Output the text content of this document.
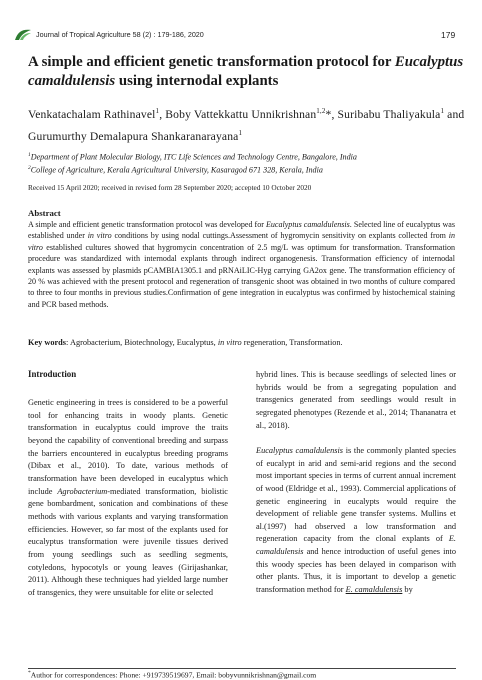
Journal of Tropical Agriculture 58 (2) : 179-186, 2020	179
A simple and efficient genetic transformation protocol for Eucalyptus camaldulensis using internodal explants
Venkatachalam Rathinavel$^1$, Boby Vattekkattu Unnikrishnan$^{1,2}$*, Suribabu Thaliyakula$^1$ and Gurumurthy Demalapura Shankaranarayana$^1$
$^1$Department of Plant Molecular Biology, ITC Life Sciences and Technology Centre, Bangalore, India
$^2$College of Agriculture, Kerala Agricultural University, Kasaragod 671 328, Kerala, India
Received 15 April 2020; received in revised form 28 September 2020; accepted 10 October 2020
Abstract
A simple and efficient genetic transformation protocol was developed for Eucalyptus camaldulensis. Selected line of eucalyptus was established under in vitro conditions by using nodal cuttings.Assessment of hygromycin sensitivity on explants collected from in vitro established cultures showed that hygromycin concentration of 2.5 mg/L was optimum for transformation. Transformation procedure was standardized with internodal explants through indirect organogenesis. Transformation efficiency of internodal explants was assessed by plasmids pCAMBIA1305.1 and pRNAiLIC-Hyg carrying GA2ox gene. The transformation efficiency of 20 % was achieved with the present protocol and regeneration of transgenic shoot was obtained in two months of culture compared to three to four months in previous studies.Confirmation of gene integration in eucalyptus was confirmed by histochemical staining and PCR based methods.
Key words: Agrobacterium, Biotechnology, Eucalyptus, in vitro regeneration, Transformation.
Introduction

Genetic engineering in trees is considered to be a powerful tool for enhancing traits in woody plants. Genetic transformation in eucalyptus could improve the traits beyond the capability of conventional breeding and surpass the barriers encountered in eucalyptus breeding programs (Dibax et al., 2010). To date, various methods of transformation have been developed in eucalyptus which include Agrobacterium-mediated transformation, biolistic gene bombardment, sonication and combinations of these methods with various explants and varying transformation efficiencies. However, so far most of the explants used for eucalyptus transformation were juvenile tissues derived from young seedlings such as seedling segments, cotyledons, hypocotyls or young leaves (Girijashankar, 2011). Although these techniques had yielded large number of transgenics, they were unsuitable for elite or selected

hybrid lines. This is because seedlings of selected lines or hybrids would be from a segregating population and transgenics generated from seedlings would result in segregated phenotypes (Rezende et al., 2014; Thananatra et al., 2018).

Eucalyptus camaldulensis is the commonly planted species of eucalypt in arid and semi-arid regions and the second most important species in terms of current annual increment of wood (Eldridge et al., 1993). Commercial applications of genetic engineering in eucalypts would require the development of reliable gene transfer systems. Mullins et al.(1997) had observed a low transformation and regeneration capacity from the clonal explants of E. camaldulensis and hence introduction of useful genes into this woody species has been delayed in comparison with other plants. Thus, it is important to develop a genetic transformation method for E. camaldulensis by

*Author for correspondences: Phone: +919739519697, Email: bobyvunnikrishnan@gmail.com
